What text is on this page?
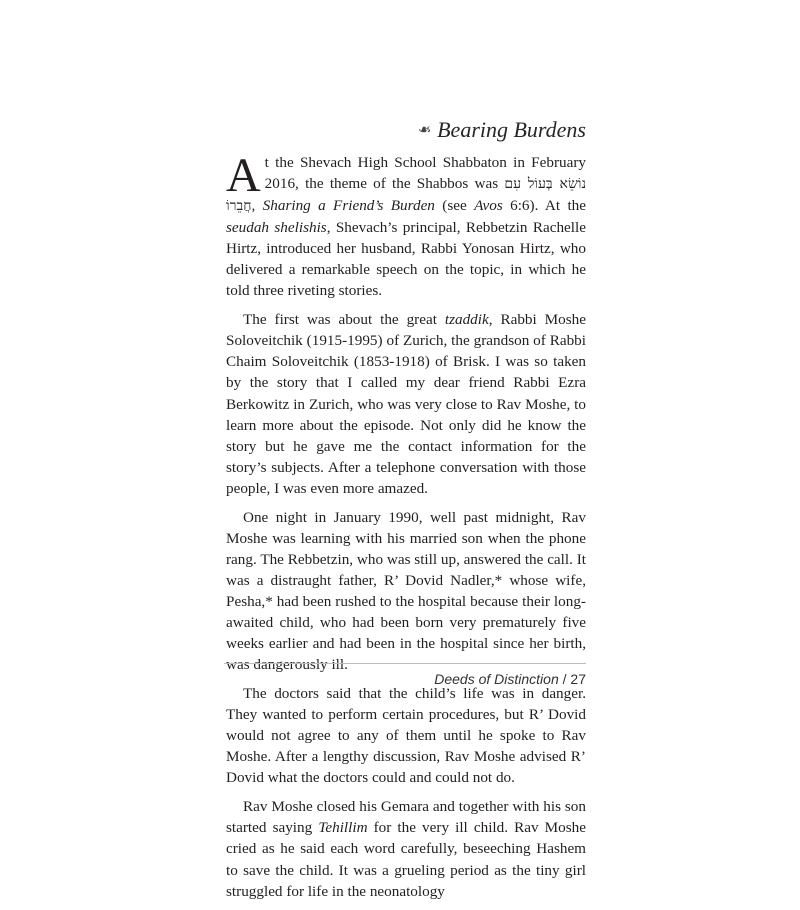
❧ Bearing Burdens

At the Shevach High School Shabbaton in February 2016, the theme of the Shabbos was נוֹשֵׂא בְּעוֹל עִם חֲבֵרוֹ, Sharing a Friend’s Burden (see Avos 6:6). At the seudah shelishis, Shevach’s principal, Rebbetzin Rachelle Hirtz, introduced her husband, Rabbi Yonosan Hirtz, who delivered a remarkable speech on the topic, in which he told three riveting stories.

The first was about the great tzaddik, Rabbi Moshe Soloveitchik (1915-1995) of Zurich, the grandson of Rabbi Chaim Soloveitchik (1853-1918) of Brisk. I was so taken by the story that I called my dear friend Rabbi Ezra Berkowitz in Zurich, who was very close to Rav Moshe, to learn more about the episode. Not only did he know the story but he gave me the contact information for the story’s subjects. After a telephone conversation with those people, I was even more amazed.

One night in January 1990, well past midnight, Rav Moshe was learning with his married son when the phone rang. The Rebbetzin, who was still up, answered the call. It was a distraught father, R’ Dovid Nadler,* whose wife, Pesha,* had been rushed to the hospital because their long-awaited child, who had been born very prematurely five weeks earlier and had been in the hospital since her birth, was dangerously ill.

The doctors said that the child’s life was in danger. They wanted to perform certain procedures, but R’ Dovid would not agree to any of them until he spoke to Rav Moshe. After a lengthy discussion, Rav Moshe advised R’ Dovid what the doctors could and could not do.

Rav Moshe closed his Gemara and together with his son started saying Tehillim for the very ill child. Rav Moshe cried as he said each word carefully, beseeching Hashem to save the child. It was a grueling period as the tiny girl struggled for life in the neonatology

Deeds of Distinction / 27
